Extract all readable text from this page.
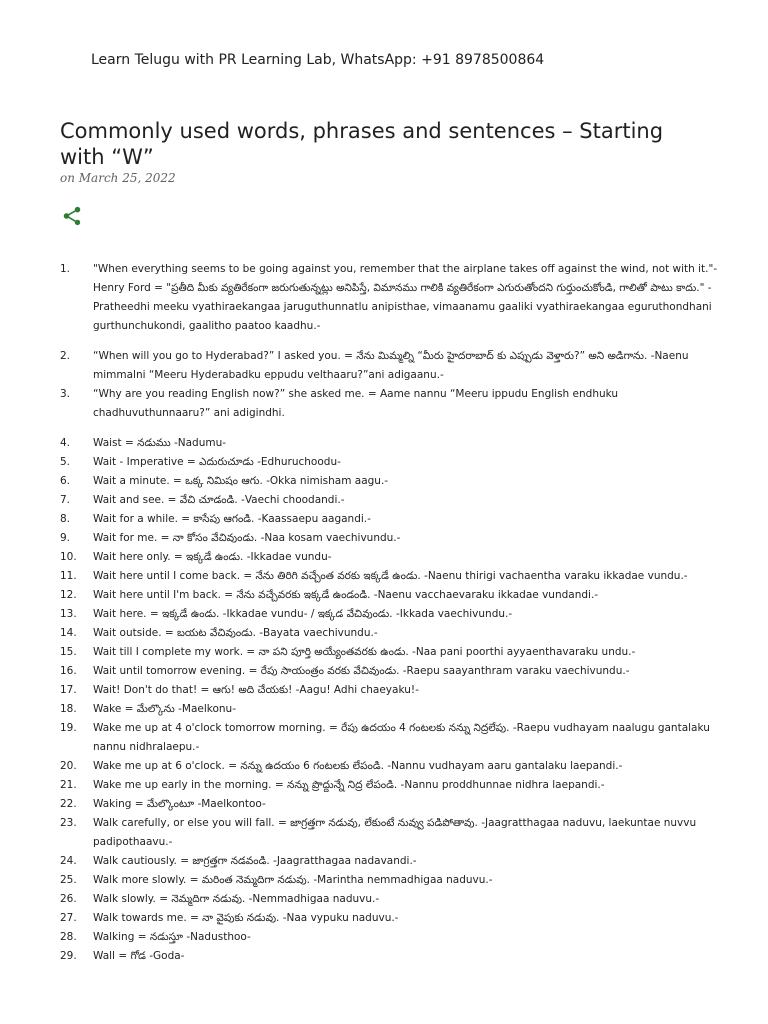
Learn Telugu with PR Learning Lab, WhatsApp: +91 8978500864
Commonly used words, phrases and sentences – Starting with “W”
on March 25, 2022
1.	"When everything seems to be going against you, remember that the airplane takes off against the wind, not with it."- Henry Ford = "ప్రతీది మీకు వ్యతిరేకంగా జరుగుతున్నట్లు అనిపిస్తే, విమానము గాలికి వ్యతిరేకంగా ఎగురుతోందని గుర్తుంచుకోండి, గాలితో పాటు కాదు." -Pratheedhi meeku vyathiraekangaa jaruguthunnatlu anipisthae, vimaanamu gaaliki vyathiraekangaa eguruthondhani gurthunchukondi, gaalitho paatoo kaadhu.-
2.	“When will you go to Hyderabad?” I asked you. = నేను మిమ్మల్ని “మీరు హైదరాబాద్ కు ఎప్పుడు వెళ్తారు?” అని అడిగాను. -Naenu mimmalni “Meeru Hyderabadku eppudu velthaaru?”ani adigaanu.-
3.	“Why are you reading English now?” she asked me. = Aame nannu “Meeru ippudu English endhuku chadhuvuthunnaaru?” ani adigindhi.
4.	Waist = నడుము -Nadumu-
5.	Wait - Imperative = ఎదురుచూడు -Edhuruchoodu-
6.	Wait a minute. = ఒక్క నిమిషం ఆగు. -Okka nimisham aagu.-
7.	Wait and see. = వేచి చూడండి. -Vaechi choodandi.-
8.	Wait for a while. = కాసేపు ఆగండి. -Kaassaepu aagandi.-
9.	Wait for me. = నా కోసం వేచివుండు. -Naa kosam vaechivundu.-
10.	Wait here only. = ఇక్కడే ఉండు. -Ikkadae vundu-
11.	Wait here until I come back. = నేను తిరిగి వచ్చేంత వరకు ఇక్కడే ఉండు. -Naenu thirigi vachaentha varaku ikkadae vundu.-
12.	Wait here until I'm back. = నేను వచ్చేవరకు ఇక్కడే ఉండండి. -Naenu vacchaevaraku ikkadae vundandi.-
13.	Wait here. = ఇక్కడే ఉండు. -Ikkadae vundu- / ఇక్కడ వేచివుండు. -Ikkada vaechivundu.-
14.	Wait outside. = బయట వేచివుండు. -Bayata vaechivundu.-
15.	Wait till I complete my work. = నా పని పూర్తి అయ్యేంతవరకు ఉండు. -Naa pani poorthi ayyaenthavaraku undu.-
16.	Wait until tomorrow evening. = రేపు సాయంత్రం వరకు వేచివుండు. -Raepu saayanthram varaku vaechivundu.-
17.	Wait! Don't do that! = ఆగు! అది చేయకు! -Aagu! Adhi chaeyaku!-
18.	Wake = మేల్కొను -Maelkonu-
19.	Wake me up at 4 o'clock tomorrow morning. = రేపు ఉదయం 4 గంటలకు నన్ను నిద్రలేపు. -Raepu vudhayam naalugu gantalaku nannu nidhralaepu.-
20.	Wake me up at 6 o'clock. = నన్ను ఉదయం 6 గంటలకు లేపండి. -Nannu vudhayam aaru gantalaku laepandi.-
21.	Wake me up early in the morning. = నన్ను ప్రొద్దున్నే నిద్ర లేపండి. -Nannu proddhunnae nidhra laepandi.-
22.	Waking = మేల్కొంటూ -Maelkontoo-
23.	Walk carefully, or else you will fall. = జాగ్రత్తగా నడువు, లేకుంటే నువ్వు పడిపోతావు. -Jaagratthagaa naduvu, laekuntae nuvvu padipothaavu.-
24.	Walk cautiously. = జాగ్రత్తగా నడవండి. -Jaagratthagaa nadavandi.-
25.	Walk more slowly. = మరింత నెమ్మదిగా నడువు. -Marintha nemmadhigaa naduvu.-
26.	Walk slowly. = నెమ్మదిగా నడువు. -Nemmadhigaa naduvu.-
27.	Walk towards me. = నా వైపుకు నడువు. -Naa vypuku naduvu.-
28.	Walking = నడుస్తూ -Nadusthoo-
29.	Wall = గోడ -Goda-
